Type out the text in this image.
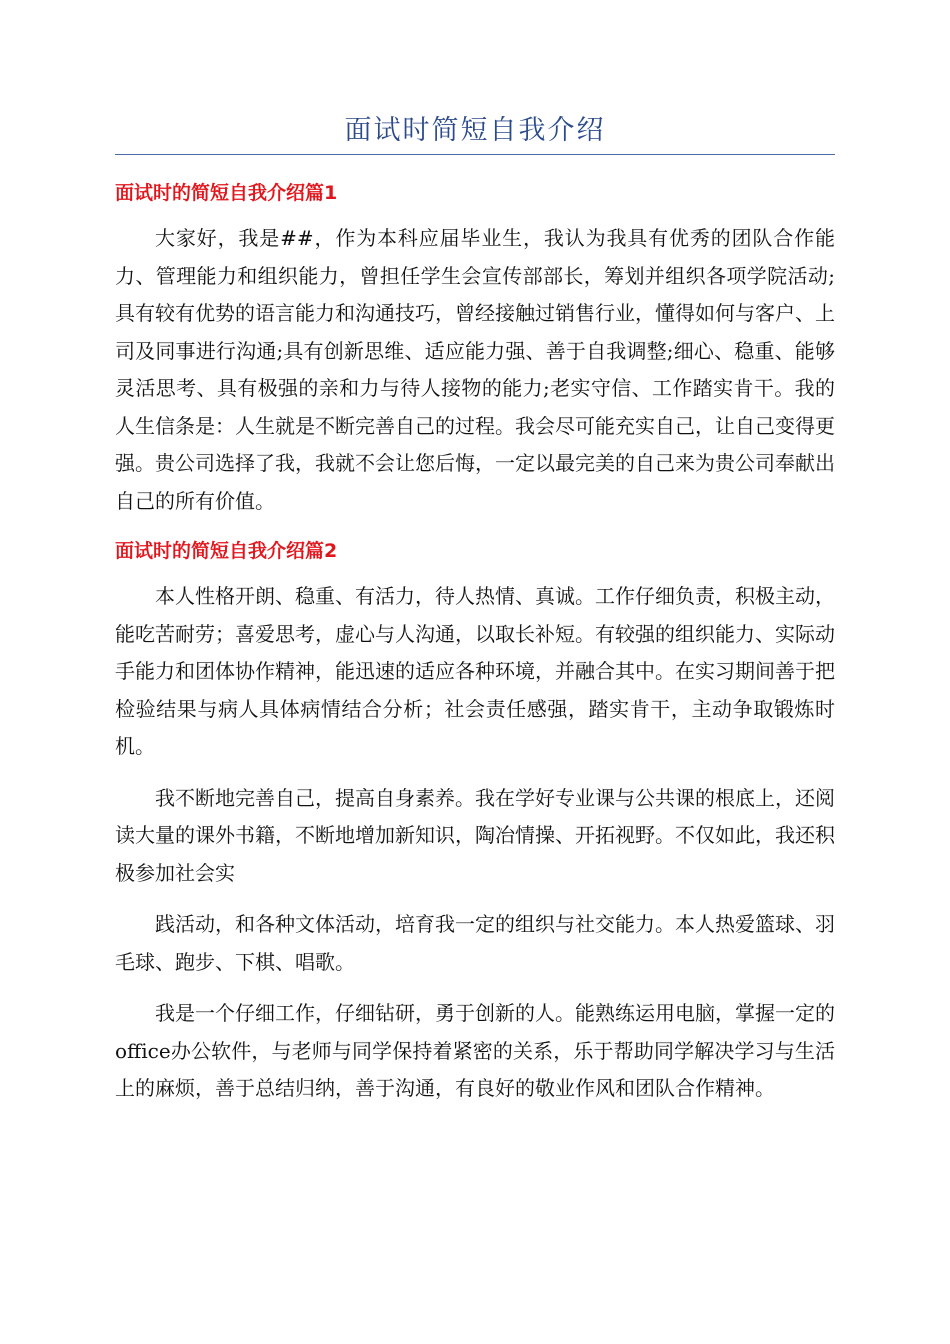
面试时简短自我介绍
面试时的简短自我介绍篇1

大家好，我是##，作为本科应届毕业生，我认为我具有优秀的团队合作能力、管理能力和组织能力，曾担任学生会宣传部部长，筹划并组织各项学院活动;具有较有优势的语言能力和沟通技巧，曾经接触过销售行业，懂得如何与客户、上司及同事进行沟通;具有创新思维、适应能力强、善于自我调整;细心、稳重、能够灵活思考、具有极强的亲和力与待人接物的能力;老实守信、工作踏实肯干。我的人生信条是：人生就是不断完善自己的过程。我会尽可能充实自己，让自己变得更强。贵公司选择了我，我就不会让您后悔，一定以最完美的自己来为贵公司奉献出自己的所有价值。

面试时的简短自我介绍篇2

本人性格开朗、稳重、有活力，待人热情、真诚。工作仔细负责，积极主动，能吃苦耐劳；喜爱思考，虚心与人沟通，以取长补短。有较强的组织能力、实际动手能力和团体协作精神，能迅速的适应各种环境，并融合其中。在实习期间善于把检验结果与病人具体病情结合分析；社会责任感强，踏实肯干，主动争取锻炼时机。

我不断地完善自己，提高自身素养。我在学好专业课与公共课的根底上，还阅读大量的课外书籍，不断地增加新知识，陶冶情操、开拓视野。不仅如此，我还积极参加社会实

践活动，和各种文体活动，培育我一定的组织与社交能力。本人热爱篮球、羽毛球、跑步、下棋、唱歌。

我是一个仔细工作，仔细钻研，勇于创新的人。能熟练运用电脑，掌握一定的office办公软件，与老师与同学保持着紧密的关系，乐于帮助同学解决学习与生活上的麻烦，善于总结归纳，善于沟通，有良好的敬业作风和团队合作精神。
